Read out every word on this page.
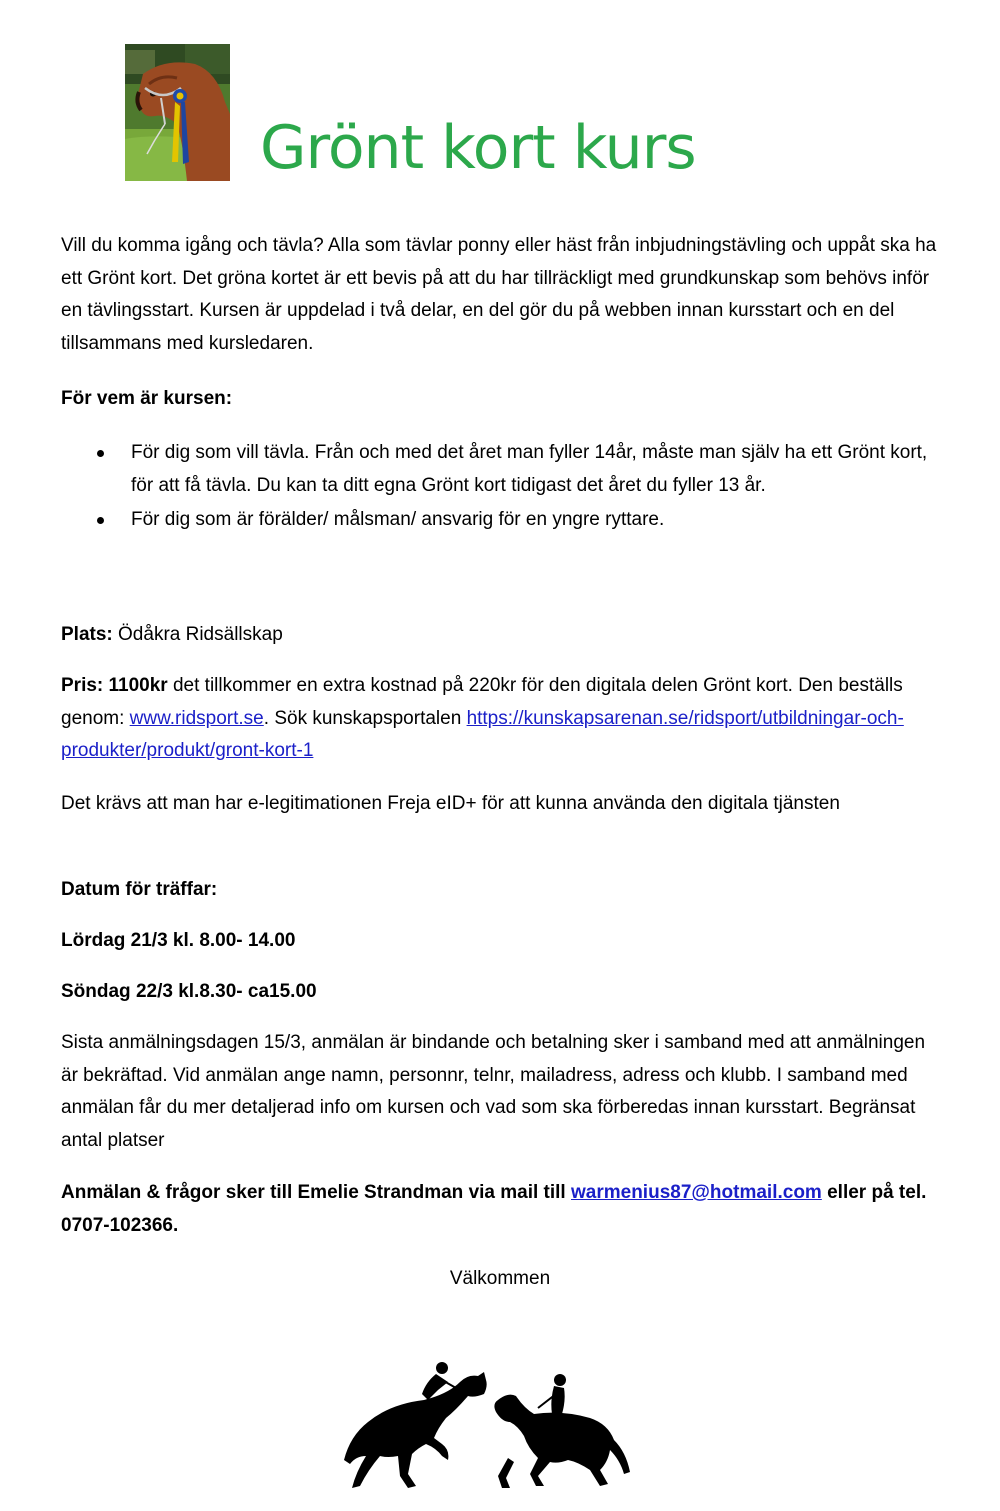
Grönt kort kurs

Vill du komma igång och tävla? Alla som tävlar ponny eller häst från inbjudningstävling och uppåt ska ha ett Grönt kort. Det gröna kortet är ett bevis på att du har tillräckligt med grundkunskap som behövs inför en tävlingsstart. Kursen är uppdelad i två delar, en del gör du på webben innan kursstart och en del tillsammans med kursledaren.

För vem är kursen:

För dig som vill tävla. Från och med det året man fyller 14år, måste man själv ha ett Grönt kort, för att få tävla. Du kan ta ditt egna Grönt kort tidigast det året du fyller 13 år.
För dig som är förälder/ målsman/ ansvarig för en yngre ryttare.

Plats: Ödåkra Ridsällskap

Pris: 1100kr det tillkommer en extra kostnad på 220kr för den digitala delen Grönt kort. Den beställs genom: www.ridsport.se. Sök kunskapsportalen https://kunskapsarenan.se/ridsport/utbildningar-och-produkter/produkt/gront-kort-1

Det krävs att man har e-legitimationen Freja eID+ för att kunna använda den digitala tjänsten

Datum för träffar:

Lördag 21/3 kl. 8.00- 14.00

Söndag 22/3 kl.8.30- ca15.00

Sista anmälningsdagen 15/3, anmälan är bindande och betalning sker i samband med att anmälningen är bekräftad. Vid anmälan ange namn, personnr, telnr, mailadress, adress och klubb. I samband med anmälan får du mer detaljerad info om kursen och vad som ska förberedas innan kursstart. Begränsat antal platser

Anmälan & frågor sker till Emelie Strandman via mail till warmenius87@hotmail.com eller på tel. 0707-102366.

Välkommen
